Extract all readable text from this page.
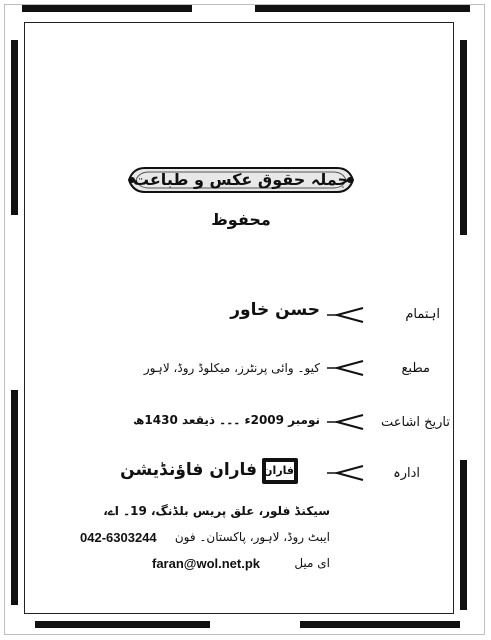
جملہ حقوق عکس و طباعت محفوظ
اہتمام
حسن خاور
مطبع
کیو۔ وائی پرنٹرز، میکلوڈ روڈ، لاہور
تاریخ اشاعت
نومبر 2009ء ۔۔۔ ذیقعد 1430ھ
ادارہ
فاران
فاران فاؤنڈیشن
سیکنڈ فلور، علق پریس بلڈنگ، 19۔ اے،
ایبٹ روڈ، لاہور، پاکستان۔ فون
042-6303244
ای میل
faran@wol.net.pk
